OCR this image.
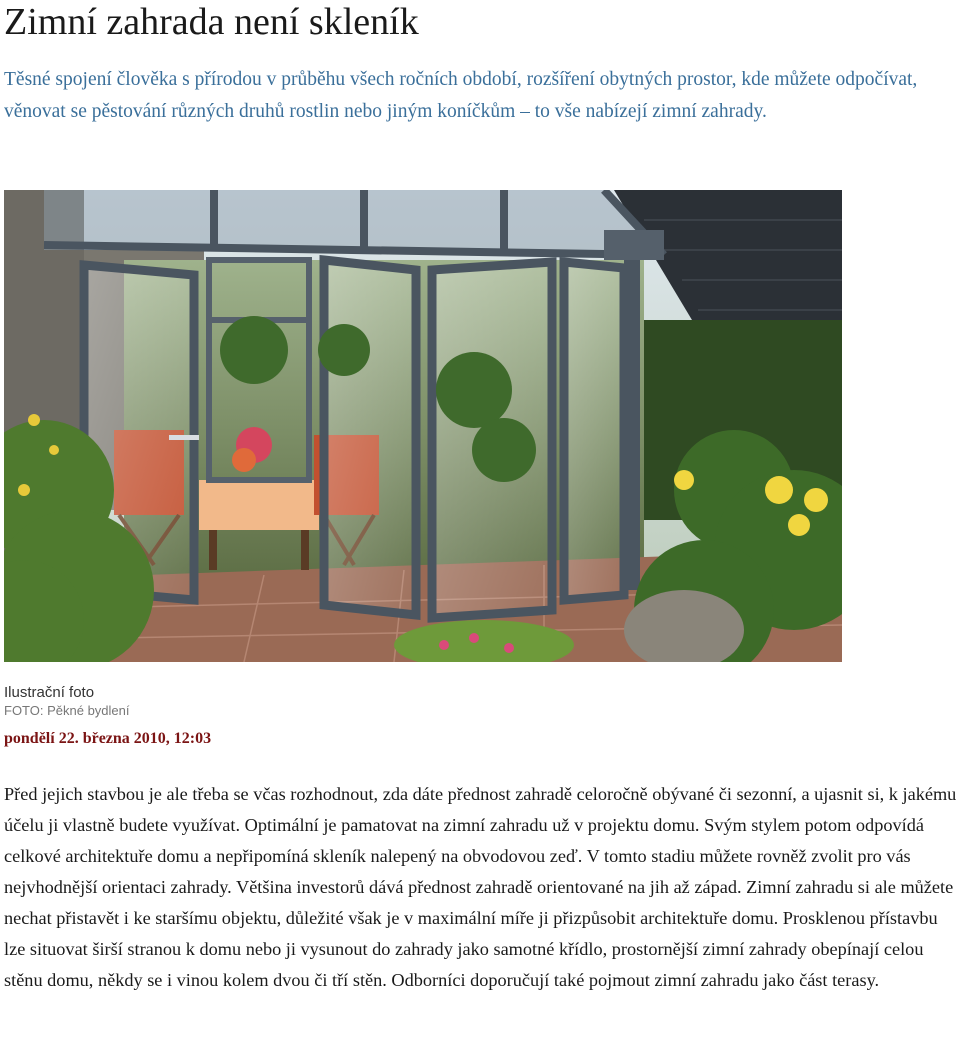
Zimní zahrada není skleník

Těsné spojení člověka s přírodou v průběhu všech ročních období, rozšíření obytných prostor, kde můžete odpočívat, věnovat se pěstování různých druhů rostlin nebo jiným koníčkům – to vše nabízejí zimní zahrady.

Ilustrační foto
FOTO: Pěkné bydlení
pondělí 22. března 2010, 12:03

Před jejich stavbou je ale třeba se včas rozhodnout, zda dáte přednost zahradě celoročně obývané či sezonní, a ujasnit si, k jakému účelu ji vlastně budete využívat. Optimální je pamatovat na zimní zahradu už v projektu domu. Svým stylem potom odpovídá celkové architektuře domu a nepřipomíná skleník nalepený na obvodovou zeď. V tomto stadiu můžete rovněž zvolit pro vás nejvhodnější orientaci zahrady. Většina investorů dává přednost zahradě orientované na jih až západ. Zimní zahradu si ale můžete nechat přistavět i ke staršímu objektu, důležité však je v maximální míře ji přizpůsobit architektuře domu. Prosklenou přístavbu lze situovat širší stranou k domu nebo ji vysunout do zahrady jako samotné křídlo, prostornější zimní zahrady obepínají celou stěnu domu, někdy se i vinou kolem dvou či tří stěn. Odborníci doporučují také pojmout zimní zahradu jako část terasy.
